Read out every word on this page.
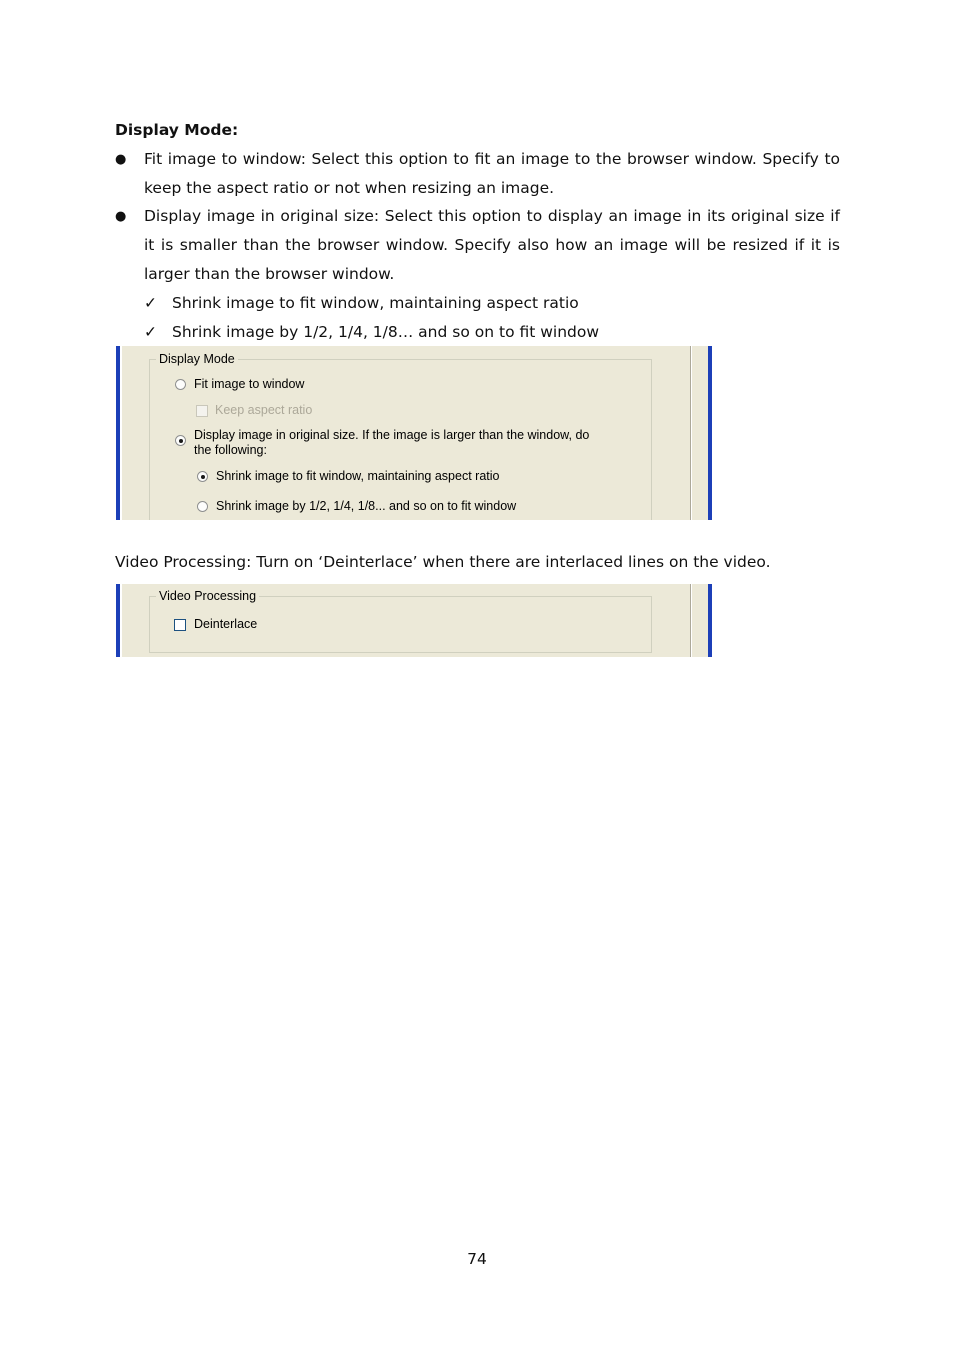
Display Mode:
● Fit image to window: Select this option to fit an image to the browser window. Specify to keep the aspect ratio or not when resizing an image.
● Display image in original size: Select this option to display an image in its original size if it is smaller than the browser window. Specify also how an image will be resized if it is larger than the browser window.
✓ Shrink image to fit window, maintaining aspect ratio
✓ Shrink image by 1/2, 1/4, 1/8… and so on to fit window
Video Processing: Turn on ‘Deinterlace’ when there are interlaced lines on the video.
Display Mode
Fit image to window
Keep aspect ratio
Display image in original size. If the image is larger than the window, do
the following:
Shrink image to fit window, maintaining aspect ratio
Shrink image by 1/2, 1/4, 1/8... and so on to fit window
Video Processing
Deinterlace
74
